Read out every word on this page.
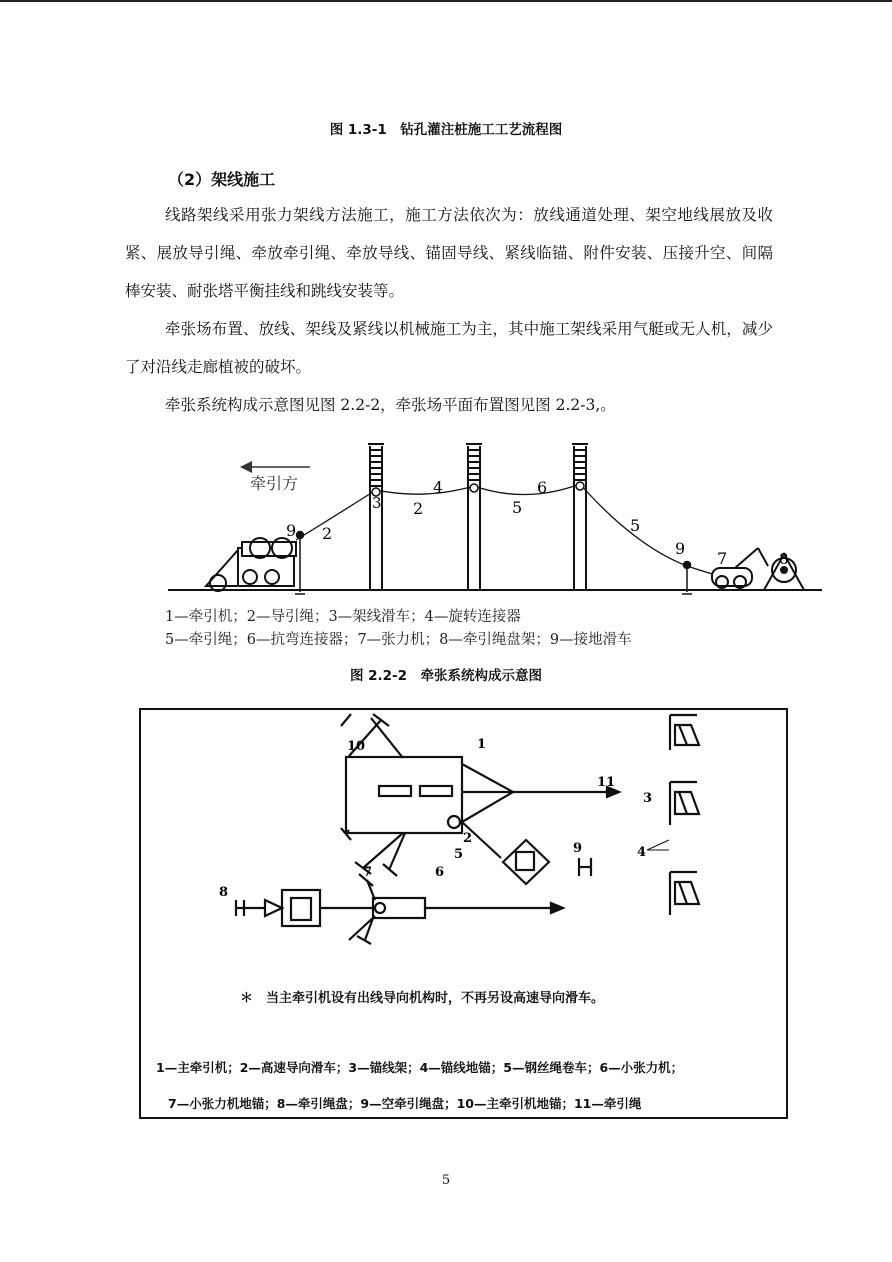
图 1.3-1　钻孔灌注桩施工工艺流程图
（2）架线施工
线路架线采用张力架线方法施工，施工方法依次为：放线通道处理、架空地线展放及收紧、展放导引绳、牵放牵引绳、牵放导线、锚固导线、紧线临锚、附件安装、压接升空、间隔棒安装、耐张塔平衡挂线和跳线安装等。
牵张场布置、放线、架线及紧线以机械施工为主，其中施工架线采用气艇或无人机，减少了对沿线走廊植被的破坏。
牵张系统构成示意图见图 2.2-2，牵张场平面布置图见图 2.2-3,。
牵引方
9 2
3
4
2
6
5
5
9
7	8
1—牵引机；2—导引绳；3—架线滑车；4—旋转连接器
5—牵引绳；6—抗弯连接器；7—张力机；8—牵引绳盘架；9—接地滑车
图 2.2-2　牵张系统构成示意图
10	1
2
11
3
4
5	9
7	6
8
＊　当主牵引机设有出线导向机构时，不再另设高速导向滑车。
1—主牵引机；2—高速导向滑车；3—锚线架；4—锚线地锚；5—钢丝绳卷车；6—小张力机；
7—小张力机地锚；8—牵引绳盘；9—空牵引绳盘；10—主牵引机地锚；11—牵引绳
5
